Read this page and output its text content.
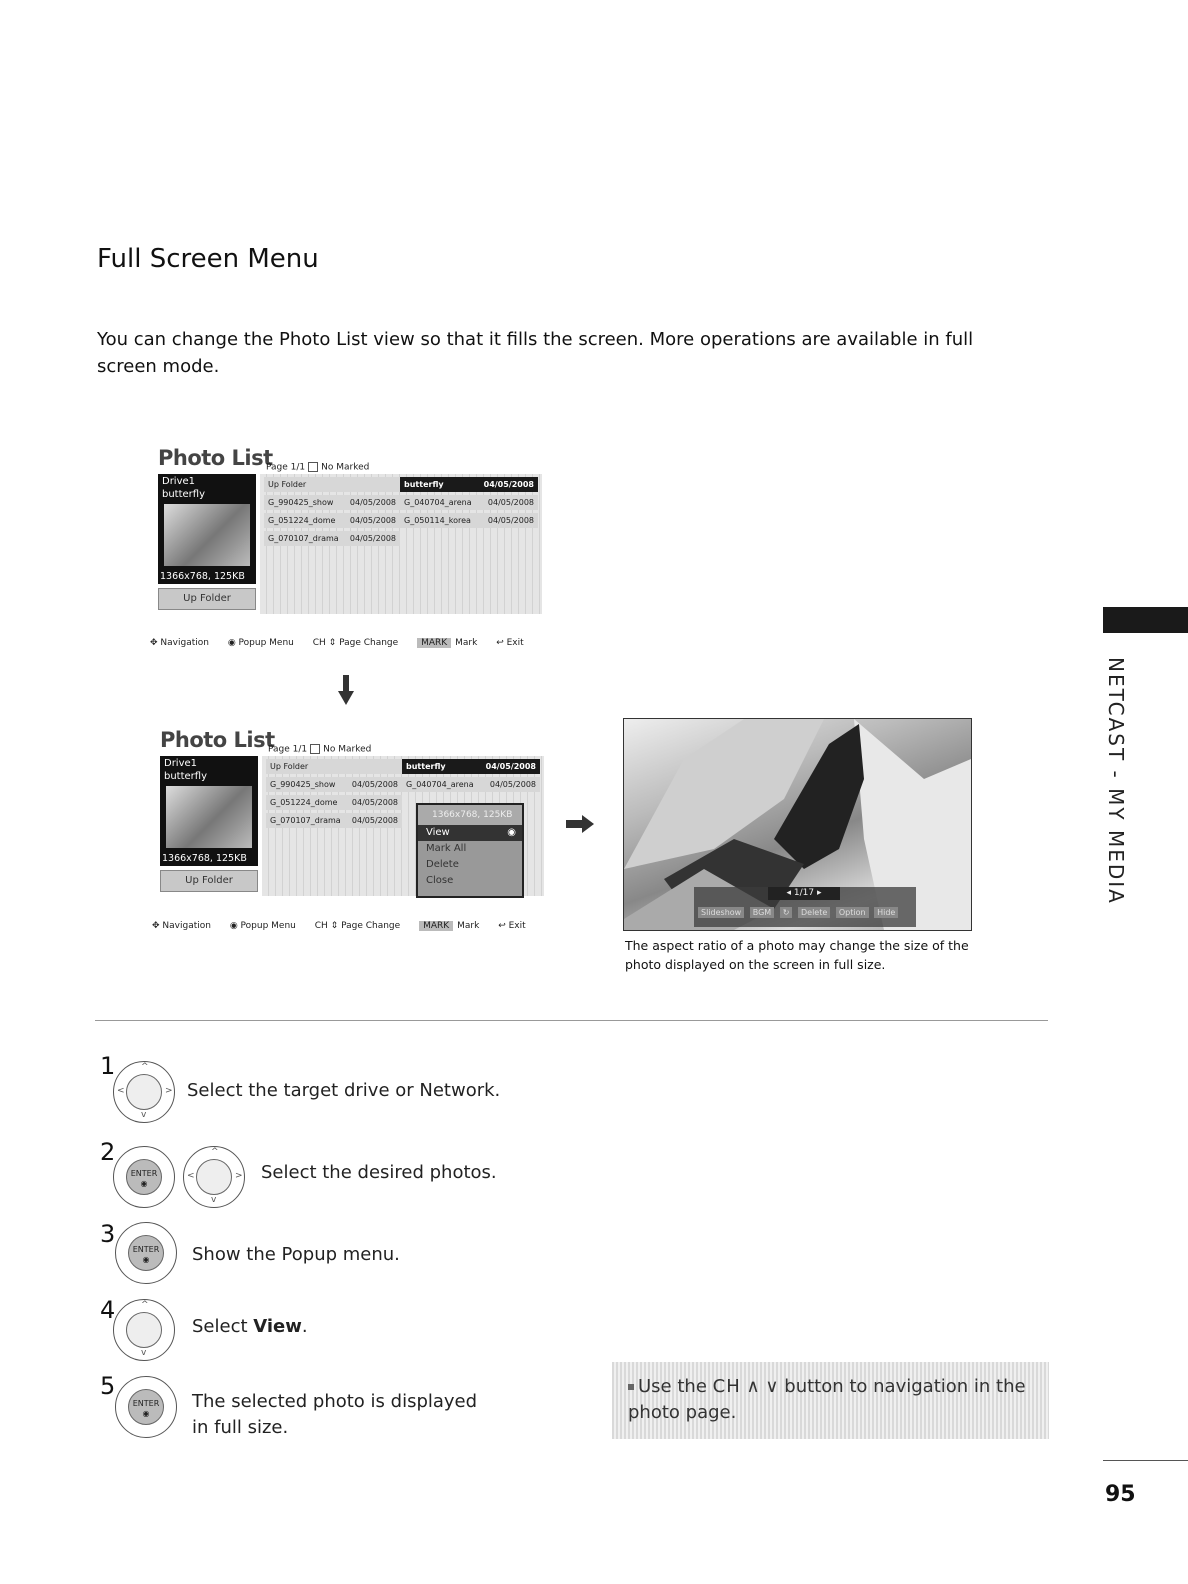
Full Screen Menu

You can change the Photo List view so that it fills the screen. More operations are available in full screen mode.

Photo List
Page 1/1 No Marked
Drive1
butterfly
1366x768, 125KB
Up Folder
Up Folder	butterfly	04/05/2008
G_990425_show 04/05/2008	G_040704_arena 04/05/2008
G_051224_dome 04/05/2008	G_050114_korea 04/05/2008
G_070107_drama 04/05/2008
✥ Navigation ◉ Popup Menu CH ⇕ Page Change	MARK Mark ↩ Exit
Photo List
Page 1/1 No Marked
Drive1
butterfly
1366x768, 125KB
Up Folder
Up Folder	butterfly	04/05/2008
G_990425_show 04/05/2008	G_040704_arena 04/05/2008
G_051224_dome 04/05/2008
G_070107_drama 04/05/2008
1366x768, 125KB
View ◉
Mark All
Delete
Close
✥ Navigation ◉ Popup Menu CH ⇕ Page Change	MARK Mark ↩ Exit
◂ 1/17 ▸
Slideshow BGM ↻ Delete Option Hide

The aspect ratio of a photo may change the size of the photo displayed on the screen in full size.

1	^
v
<	> Select the target drive or Network.
2
ENTER
◉
^
v
<	> Select the desired photos.
3
ENTER
◉	Show the Popup menu.
4	^
v
Select View.
5
ENTER
◉
The selected photo is displayed in full size.
Use the CH ∧ ∨ button to navigation in the photo page.
NETCAST - MY MEDIA
95
